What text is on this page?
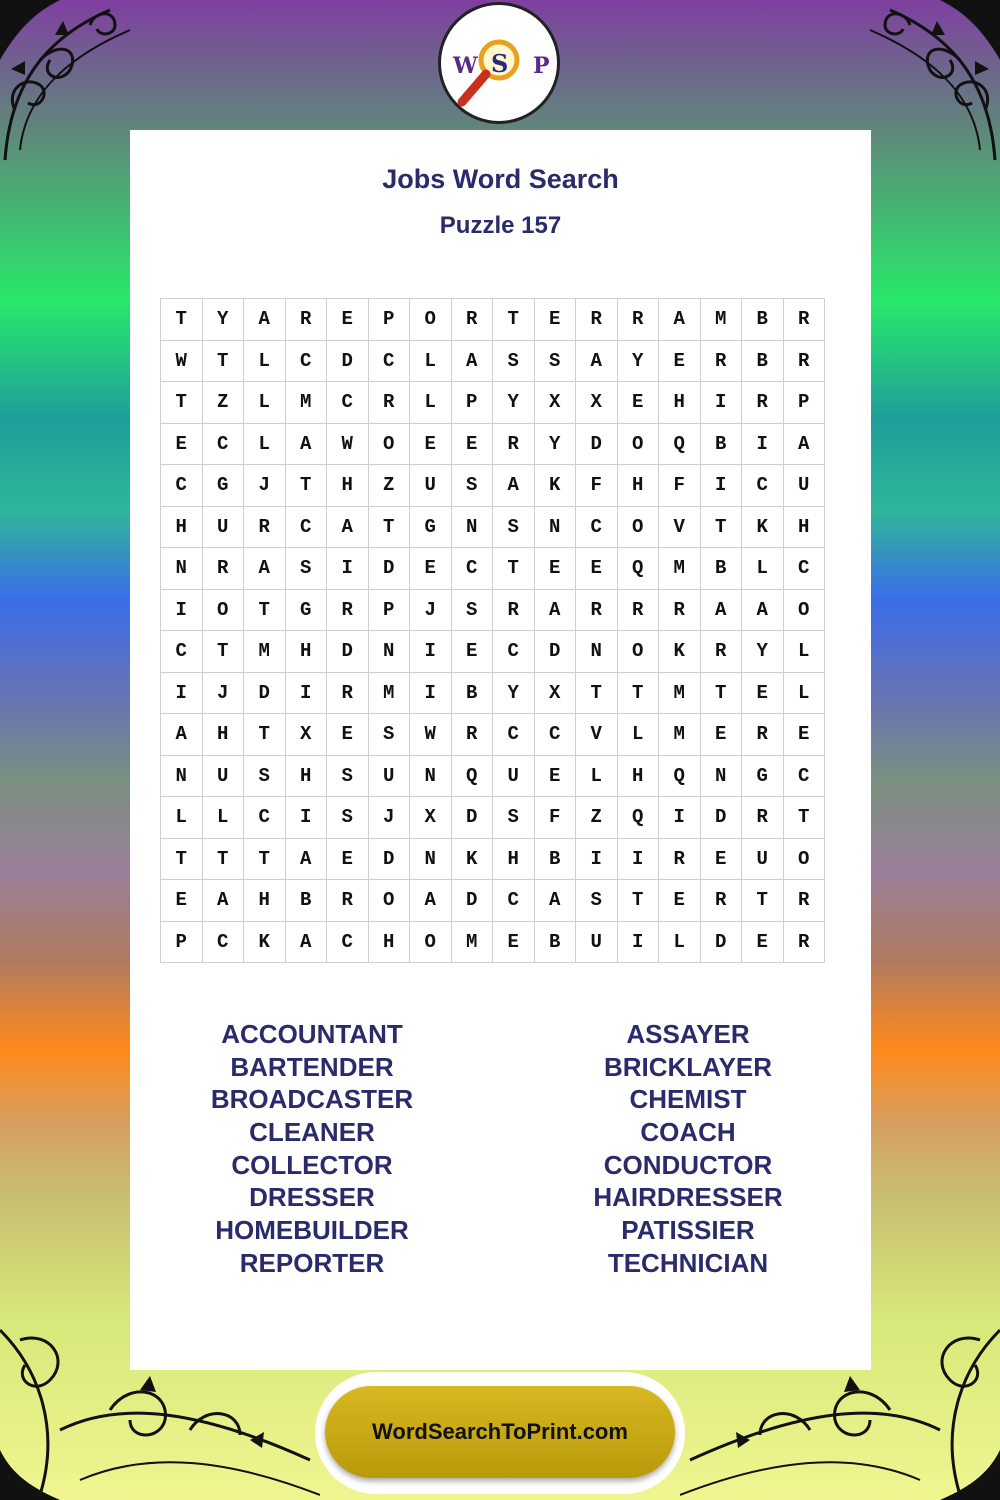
W S P
Jobs Word Search
Puzzle 157
T	Y	A	R	E	P	O	R	T	E	R	R	A	M	B	R
W	T	L	C	D	C	L	A	S	S	A	Y	E	R	B	R
T	Z	L	M	C	R	L	P	Y	X	X	E	H	I	R	P
E	C	L	A	W	O	E	E	R	Y	D	O	Q	B	I	A
C	G	J	T	H	Z	U	S	A	K	F	H	F	I	C	U
H	U	R	C	A	T	G	N	S	N	C	O	V	T	K	H
N	R	A	S	I	D	E	C	T	E	E	Q	M	B	L	C
I	O	T	G	R	P	J	S	R	A	R	R	R	A	A	O
C	T	M	H	D	N	I	E	C	D	N	O	K	R	Y	L
I	J	D	I	R	M	I	B	Y	X	T	T	M	T	E	L
A	H	T	X	E	S	W	R	C	C	V	L	M	E	R	E
N	U	S	H	S	U	N	Q	U	E	L	H	Q	N	G	C
L	L	C	I	S	J	X	D	S	F	Z	Q	I	D	R	T
T	T	T	A	E	D	N	K	H	B	I	I	R	E	U	O
E	A	H	B	R	O	A	D	C	A	S	T	E	R	T	R
P	C	K	A	C	H	O	M	E	B	U	I	L	D	E	R
ACCOUNTANT
BARTENDER
BROADCASTER
CLEANER
COLLECTOR
DRESSER
HOMEBUILDER
REPORTER
ASSAYER
BRICKLAYER
CHEMIST
COACH
CONDUCTOR
HAIRDRESSER
PATISSIER
TECHNICIAN
WordSearchToPrint.com
